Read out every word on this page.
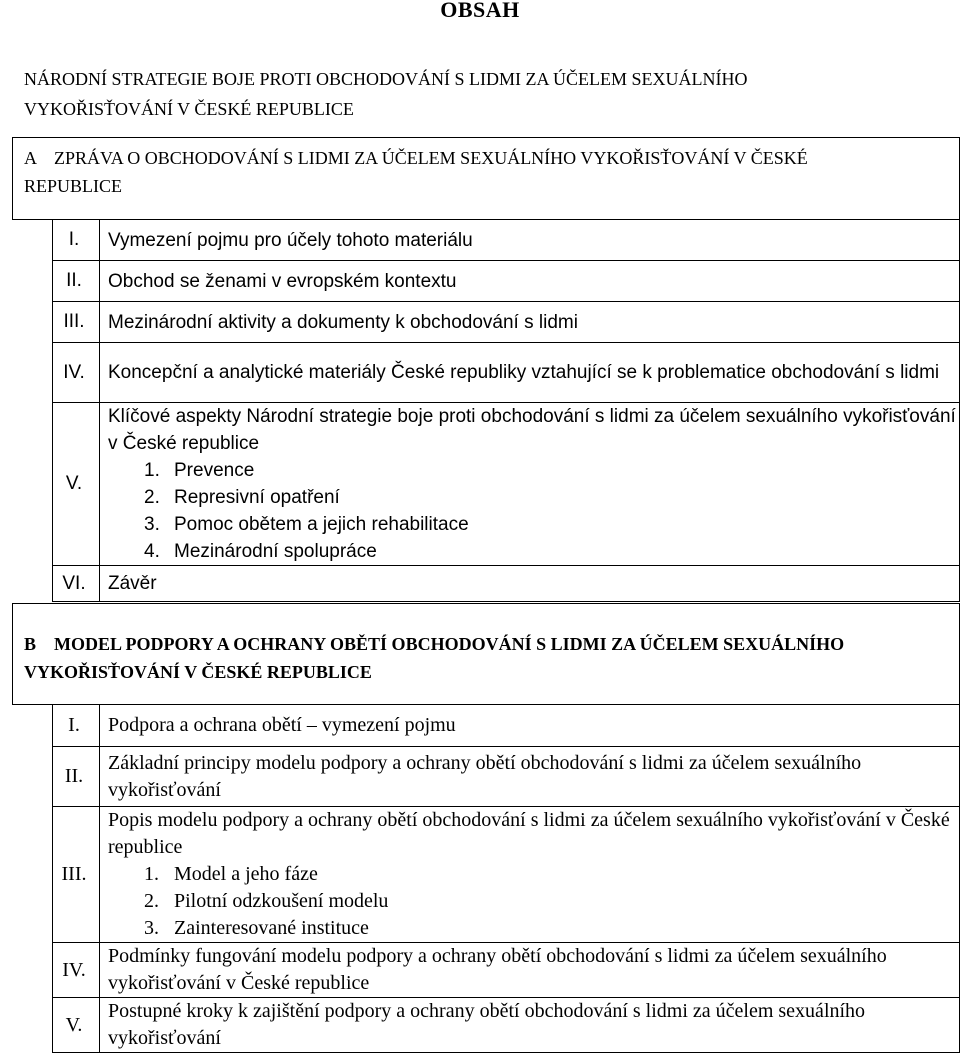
OBSAH
NÁRODNÍ STRATEGIE BOJE PROTI OBCHODOVÁNÍ S LIDMI ZA ÚČELEM SEXUÁLNÍHO
VYKOŘISŤOVÁNÍ V ČESKÉ REPUBLICE
A ZPRÁVA O OBCHODOVÁNÍ S LIDMI ZA ÚČELEM SEXUÁLNÍHO VYKOŘISŤOVÁNÍ V ČESKÉ
REPUBLICE
I.	Vymezení pojmu pro účely tohoto materiálu
II.	Obchod se ženami v evropském kontextu
III.	Mezinárodní aktivity a dokumenty k obchodování s lidmi
IV.	Koncepční a analytické materiály České republiky vztahující se k problematice obchodování s lidmi
V.	Klíčové aspekty Národní strategie boje proti obchodování s lidmi za účelem sexuálního vykořisťování v České republice
1. Prevence
2. Represivní opatření
3. Pomoc obětem a jejich rehabilitace
4. Mezinárodní spolupráce

VI.	Závěr
B MODEL PODPORY A OCHRANY OBĚTÍ OBCHODOVÁNÍ S LIDMI ZA ÚČELEM SEXUÁLNÍHO
VYKOŘISŤOVÁNÍ V ČESKÉ REPUBLICE
I.	Podpora a ochrana obětí – vymezení pojmu
II.	Základní principy modelu podpory a ochrany obětí obchodování s lidmi za účelem sexuálního vykořisťování
III.	Popis modelu podpory a ochrany obětí obchodování s lidmi za účelem sexuálního vykořisťování v České republice
1. Model a jeho fáze
2. Pilotní odzkoušení modelu
3. Zainteresované instituce

IV.	Podmínky fungování modelu podpory a ochrany obětí obchodování s lidmi za účelem sexuálního vykořisťování v České republice
V.	Postupné kroky k zajištění podpory a ochrany obětí obchodování s lidmi za účelem sexuálního vykořisťování
